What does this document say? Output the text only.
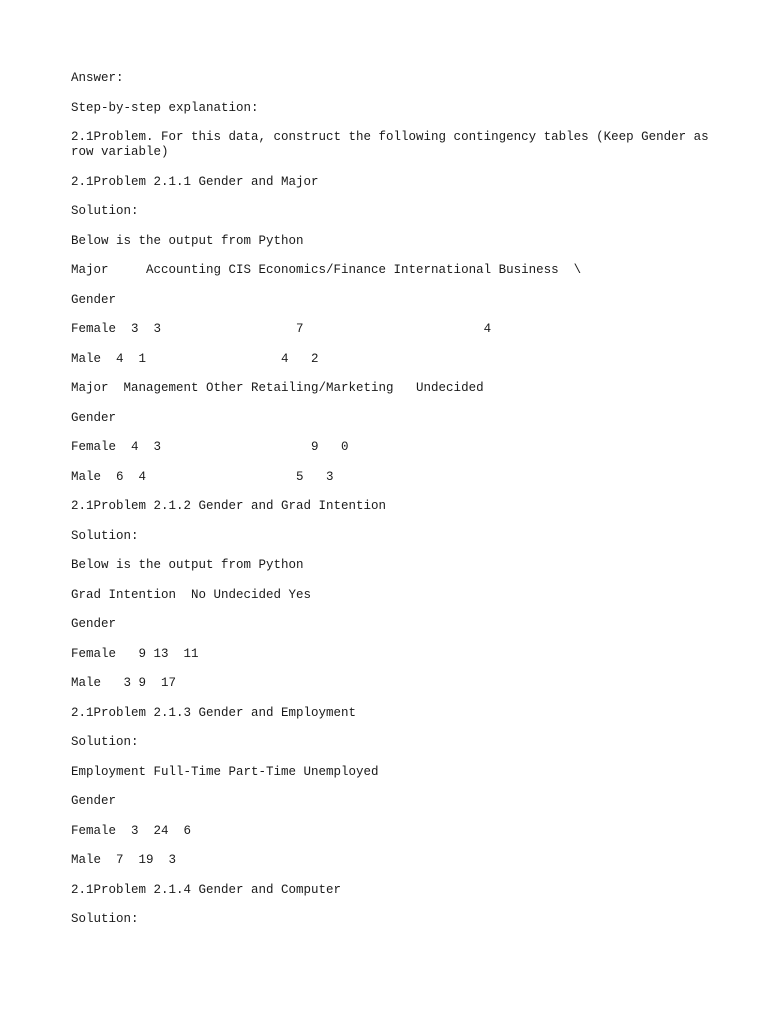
Answer:
Step-by-step explanation:
2.1Problem. For this data, construct the following contingency tables (Keep Gender as row variable)
2.1Problem 2.1.1 Gender and Major
Solution:
Below is the output from Python
Major     Accounting CIS Economics/Finance International Business  \
Gender
Female  3  3                  7                        4
Male  4  1                  4   2
Major  Management Other Retailing/Marketing   Undecided
Gender
Female  4  3                    9   0
Male  6  4                    5   3
2.1Problem 2.1.2 Gender and Grad Intention
Solution:
Below is the output from Python
Grad Intention  No Undecided Yes
Gender
Female   9 13  11
Male   3 9  17
2.1Problem 2.1.3 Gender and Employment
Solution:
Employment Full-Time Part-Time Unemployed
Gender
Female  3  24  6
Male  7  19  3
2.1Problem 2.1.4 Gender and Computer
Solution:
